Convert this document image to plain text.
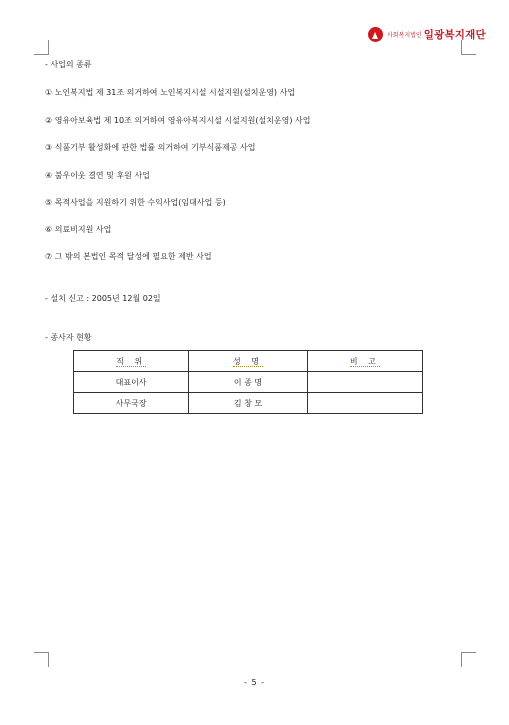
사회복지법인 일광복지재단
- 사업의 종류
① 노인복지법 제 31조 의거하여 노인복지시설 시설지원(설치운영) 사업
② 영유아보육법 제 10조 의거하여 영유아복지시설 시설지원(설치운영) 사업
③ 식품기부 활성화에 관한 법률 의거하여 기부식품제공 사업
④ 불우이웃 결연 및 후원 사업
⑤ 목적사업을 지원하기 위한 수익사업(임대사업 등)
⑥ 의료비지원 사업
⑦ 그 밖의 본법인 목적 달성에 필요한 제반 사업
- 설치 신고 : 2005년 12월 02일
- 종사자 현황
직 위	성 명	비 고
대표이사	이 종 명	
사무국장	김 창 모	
- 5 -
